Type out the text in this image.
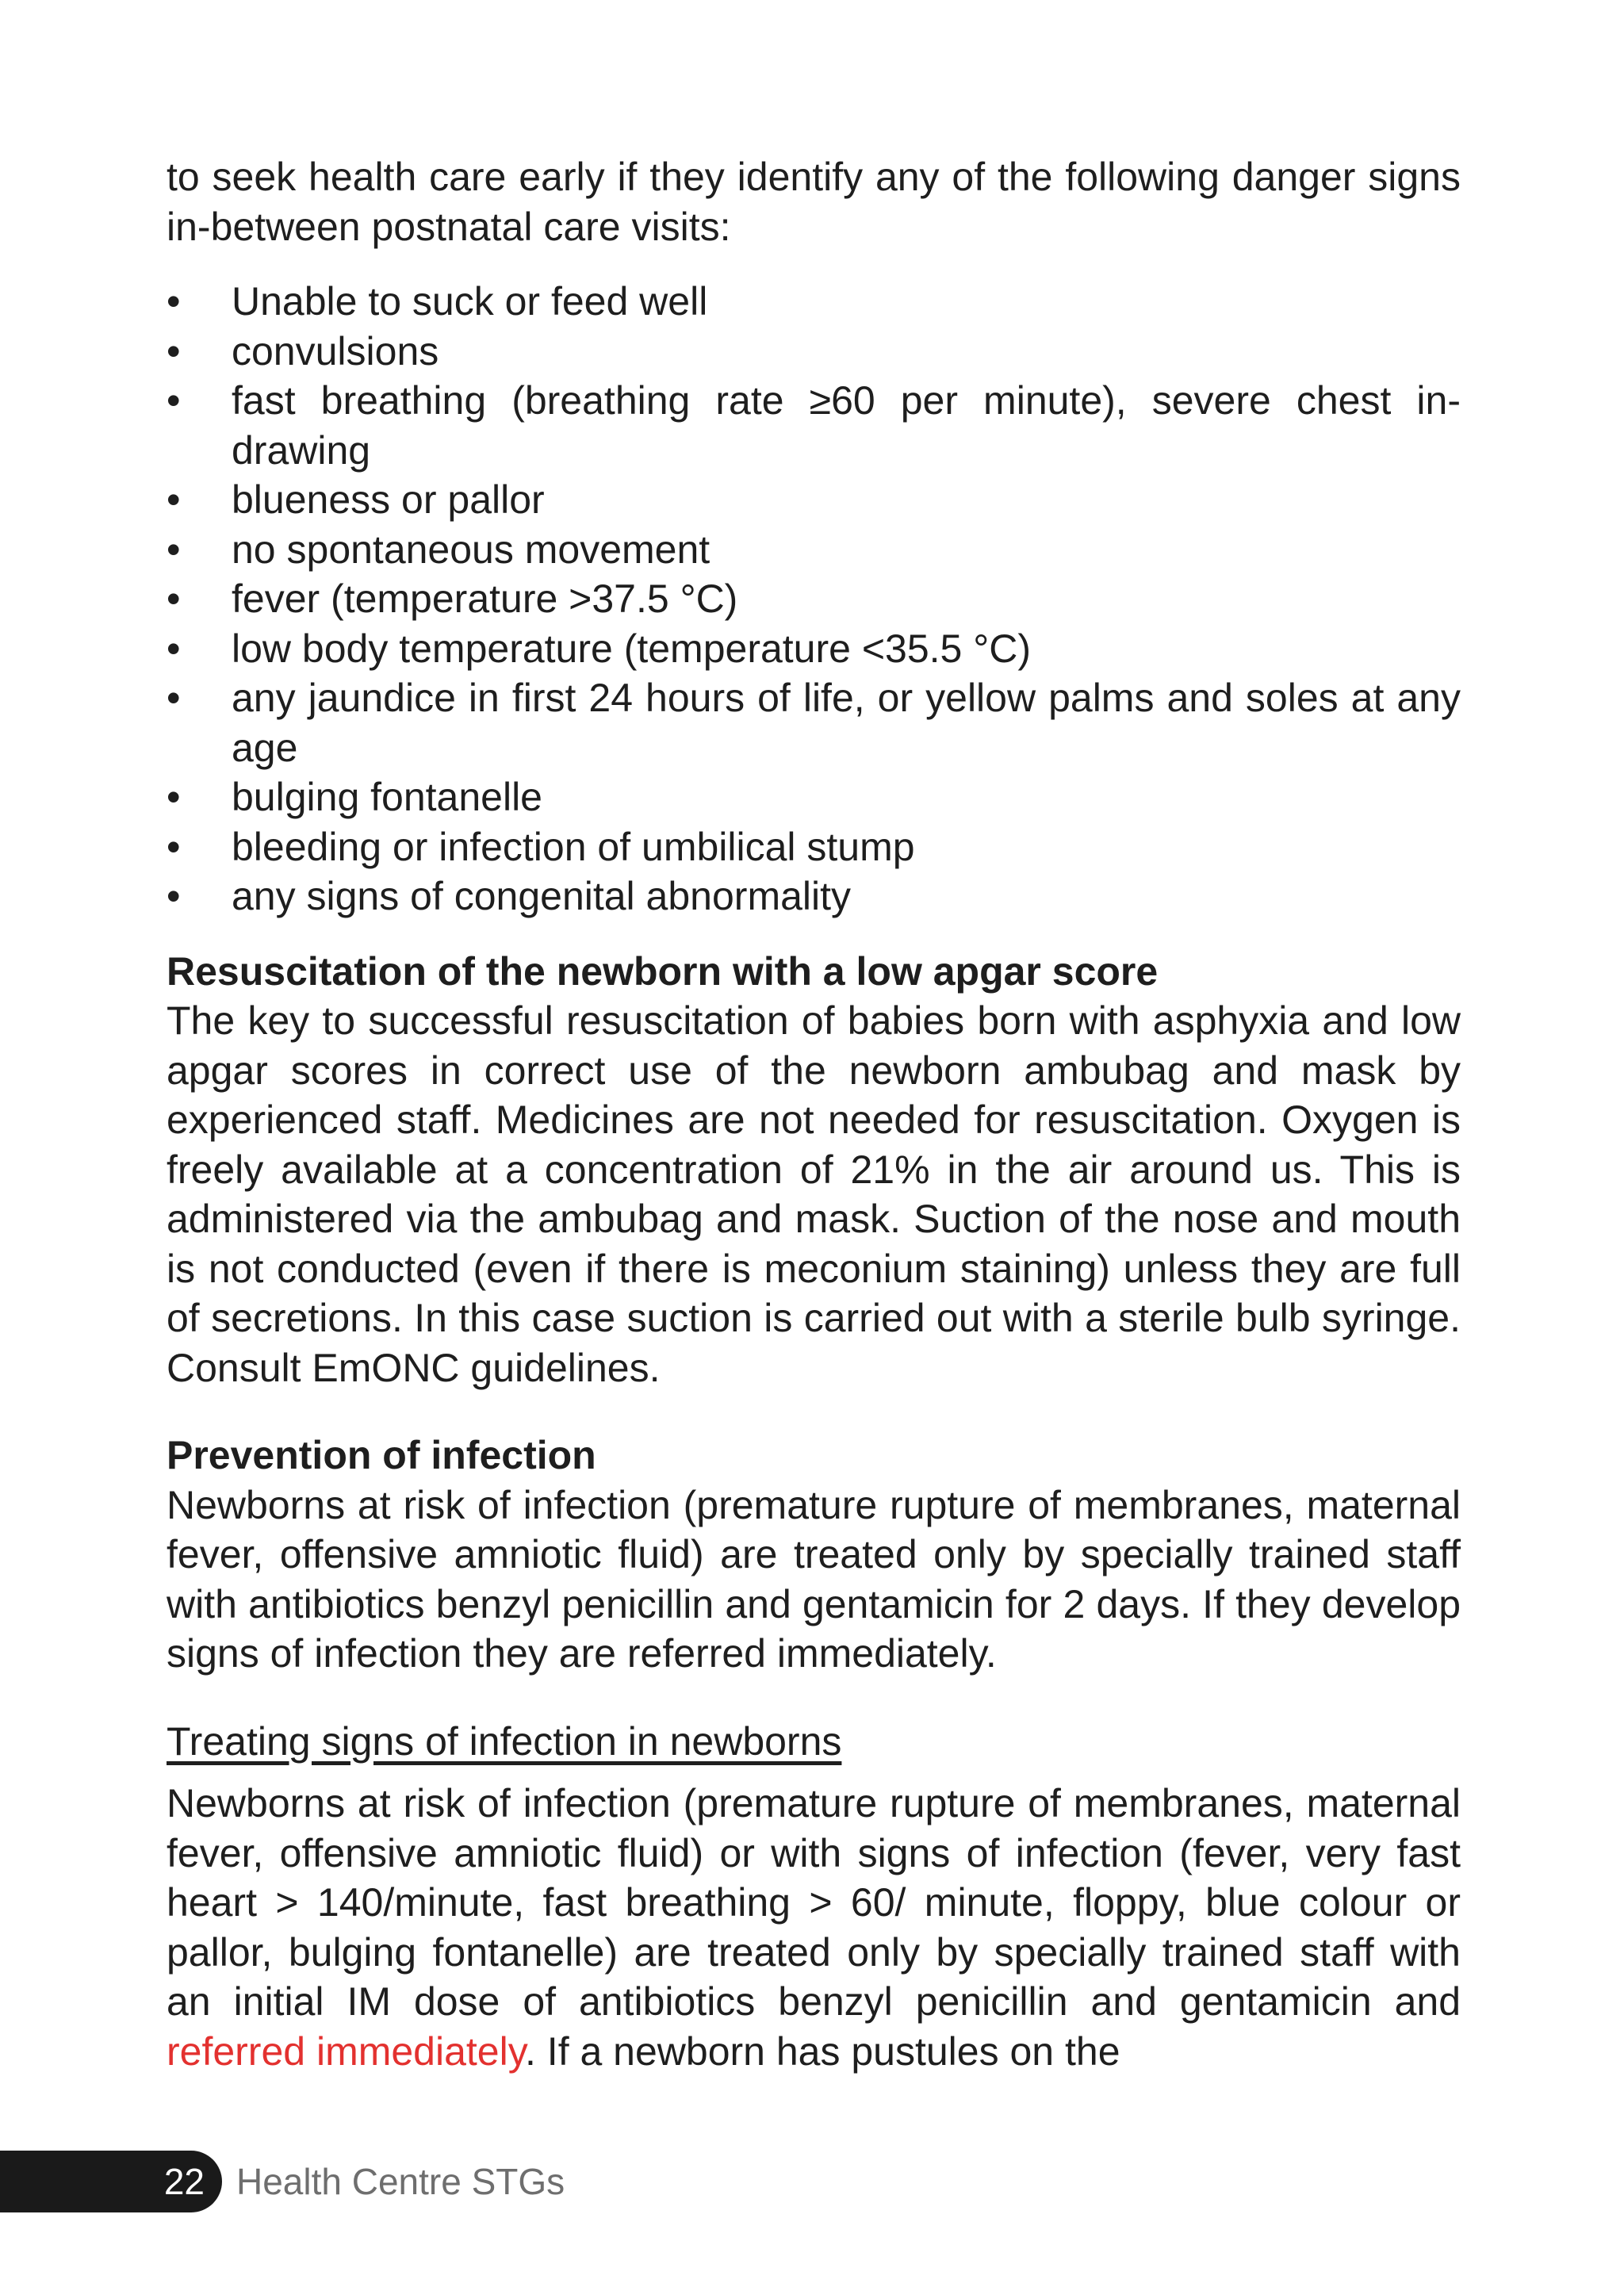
to seek health care early if they identify any of the following danger signs in-between postnatal care visits:

• Unable to suck or feed well
• convulsions
• fast breathing (breathing rate ≥60 per minute), severe chest in-drawing
• blueness or pallor
• no spontaneous movement
• fever (temperature >37.5 °C)
• low body temperature (temperature <35.5 °C)
• any jaundice in first 24 hours of life, or yellow palms and soles at any age
• bulging fontanelle
• bleeding or infection of umbilical stump
• any signs of congenital abnormality

Resuscitation of the newborn with a low apgar score

The key to successful resuscitation of babies born with asphyxia and low apgar scores in correct use of the newborn ambubag and mask by experienced staff. Medicines are not needed for resuscitation. Oxygen is freely available at a concentration of 21% in the air around us. This is administered via the ambubag and mask. Suction of the nose and mouth is not conducted (even if there is meconium staining) unless they are full of secretions. In this case suction is carried out with a sterile bulb syringe. Consult EmONC guidelines.

Prevention of infection

Newborns at risk of infection (premature rupture of membranes, maternal fever, offensive amniotic fluid) are treated only by specially trained staff with antibiotics benzyl penicillin and gentamicin for 2 days. If they develop signs of infection they are referred immediately.

Treating signs of infection in newborns

Newborns at risk of infection (premature rupture of membranes, maternal fever, offensive amniotic fluid) or with signs of infection (fever, very fast heart > 140/minute, fast breathing > 60/ minute, floppy, blue colour or pallor, bulging fontanelle) are treated only by specially trained staff with an initial IM dose of antibiotics benzyl penicillin and gentamicin and referred immediately. If a newborn has pustules on the

22 Health Centre STGs
